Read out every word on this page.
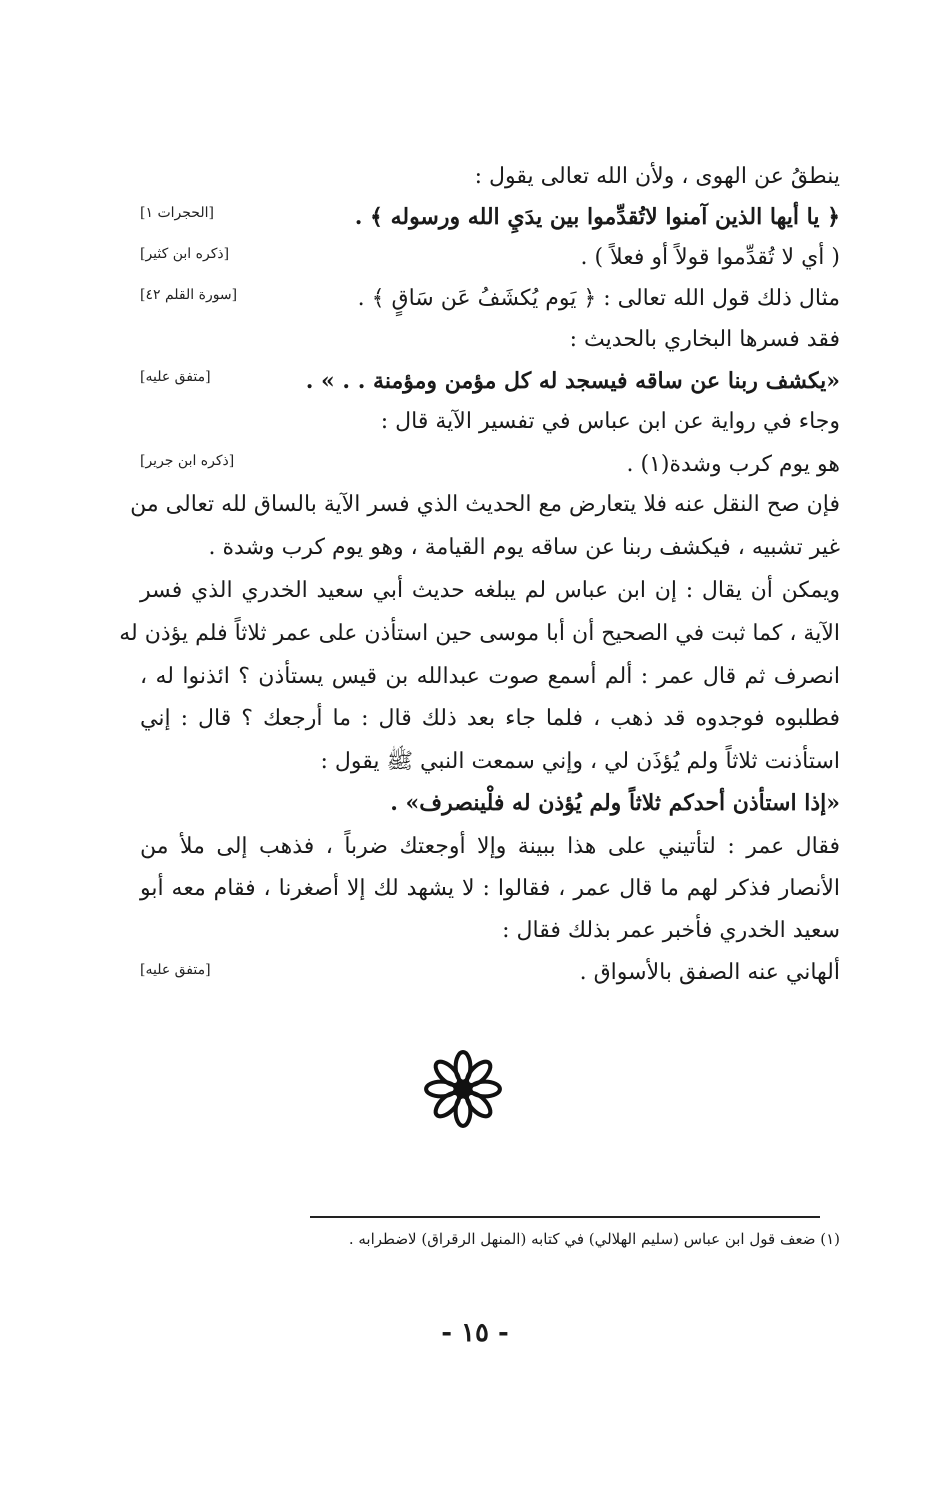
ينطقُ عن الهوى ، ولأن الله تعالى يقول :
﴿ يا أيها الذين آمنوا لاتُقدِّموا بين يدَيِ الله ورسوله ﴾ .
( أي لا تُقدِّموا قولاً أو فعلاً ) .
مثال ذلك قول الله تعالى : ﴿ يَوم يُكشَفُ عَن سَاقٍ ﴾ .
فقد فسرها البخاري بالحديث :
«يكشف ربنا عن ساقه فيسجد له كل مؤمن ومؤمنة . . » .
وجاء في رواية عن ابن عباس في تفسير الآية قال :
هو يوم كرب وشدة(١) .
فإن صح النقل عنه فلا يتعارض مع الحديث الذي فسر الآية بالساق لله تعالى من
غير تشبيه ، فيكشف ربنا عن ساقه يوم القيامة ، وهو يوم كرب وشدة .
ويمكن أن يقال : إن ابن عباس لم يبلغه حديث أبي سعيد الخدري الذي فسر
الآية ، كما ثبت في الصحيح أن أبا موسى حين استأذن على عمر ثلاثاً فلم يؤذن له
انصرف ثم قال عمر : ألم أسمع صوت عبدالله بن قيس يستأذن ؟ ائذنوا له ،
فطلبوه فوجدوه قد ذهب ، فلما جاء بعد ذلك قال : ما أرجعك ؟ قال : إني
استأذنت ثلاثاً ولم يُؤذَن لي ، وإني سمعت النبي ﷺ يقول :
«إذا استأذن أحدكم ثلاثاً ولم يُؤذن له فلْينصرف» .
فقال عمر : لتأتيني على هذا ببينة وإلا أوجعتك ضرباً ، فذهب إلى ملأ من
الأنصار فذكر لهم ما قال عمر ، فقالوا : لا يشهد لك إلا أصغرنا ، فقام معه أبو
سعيد الخدري فأخبر عمر بذلك فقال :
ألهاني عنه الصفق بالأسواق .
[الحجرات ١]
[ذكره ابن كثير]
[سورة القلم ٤٢]
[متفق عليه]
[ذكره ابن جرير]
[متفق عليه]
(١) ضعف قول ابن عباس (سليم الهلالي) في كتابه (المنهل الرقراق) لاضطرابه .
- ١٥ -
